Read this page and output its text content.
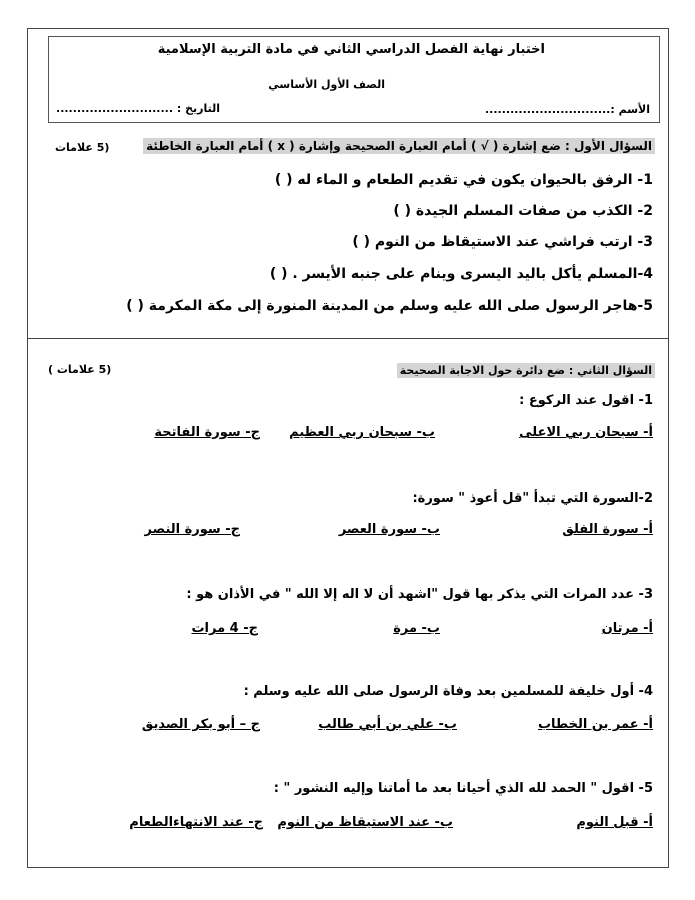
اختبار نهاية الفصل الدراسي الثاني في مادة التربية الإسلامية
الصف الأول الأساسي
الأسم :..............................
التاريخ : ............................
السؤال الأول : ضع إشارة ( √ ) أمام العبارة الصحيحة وإشارة ( x ) أمام العبارة الخاطئة
(5 علامات
1- الرفق بالحيوان يكون في تقديم الطعام و الماء له ( )
2- الكذب من صفات المسلم الجيدة ( )
3- ارتب فراشي عند الاستيقاظ من النوم ( )
4-المسلم يأكل باليد اليسرى وينام على جنبه الأيسر . ( )
5-هاجر الرسول صلى الله عليه وسلم من المدينة المنورة إلى مكة المكرمة ( )
السؤال الثاني : ضع دائرة حول الاجابة الصحيحة
(5 علامات )
1- اقول عند الركوع :
أ- سبحان ربي الاعلى
ب- سبحان ربي العظيم
ج- سورة الفاتحة
2-السورة التي تبدأ "قل أعوذ " سورة:
أ- سورة الفلق
ب- سورة العصر
ج- سورة النصر
3- عدد المرات التي يذكر بها قول "اشهد أن لا اله إلا الله " في الأذان هو :
أ- مرتان
ب- مرة
ج- 4 مرات
4- أول خليفة للمسلمين بعد وفاة الرسول صلى الله عليه وسلم :
أ- عمر بن الخطاب
ب- علي بن أبي طالب
ج – أبو بكر الصديق
5- اقول " الحمد لله الذي أحيانا بعد ما أماتنا وإليه النشور " :
أ- قبل النوم
ب- عند الاستيقاظ من النوم
ج- عند الانتهاءالطعام
